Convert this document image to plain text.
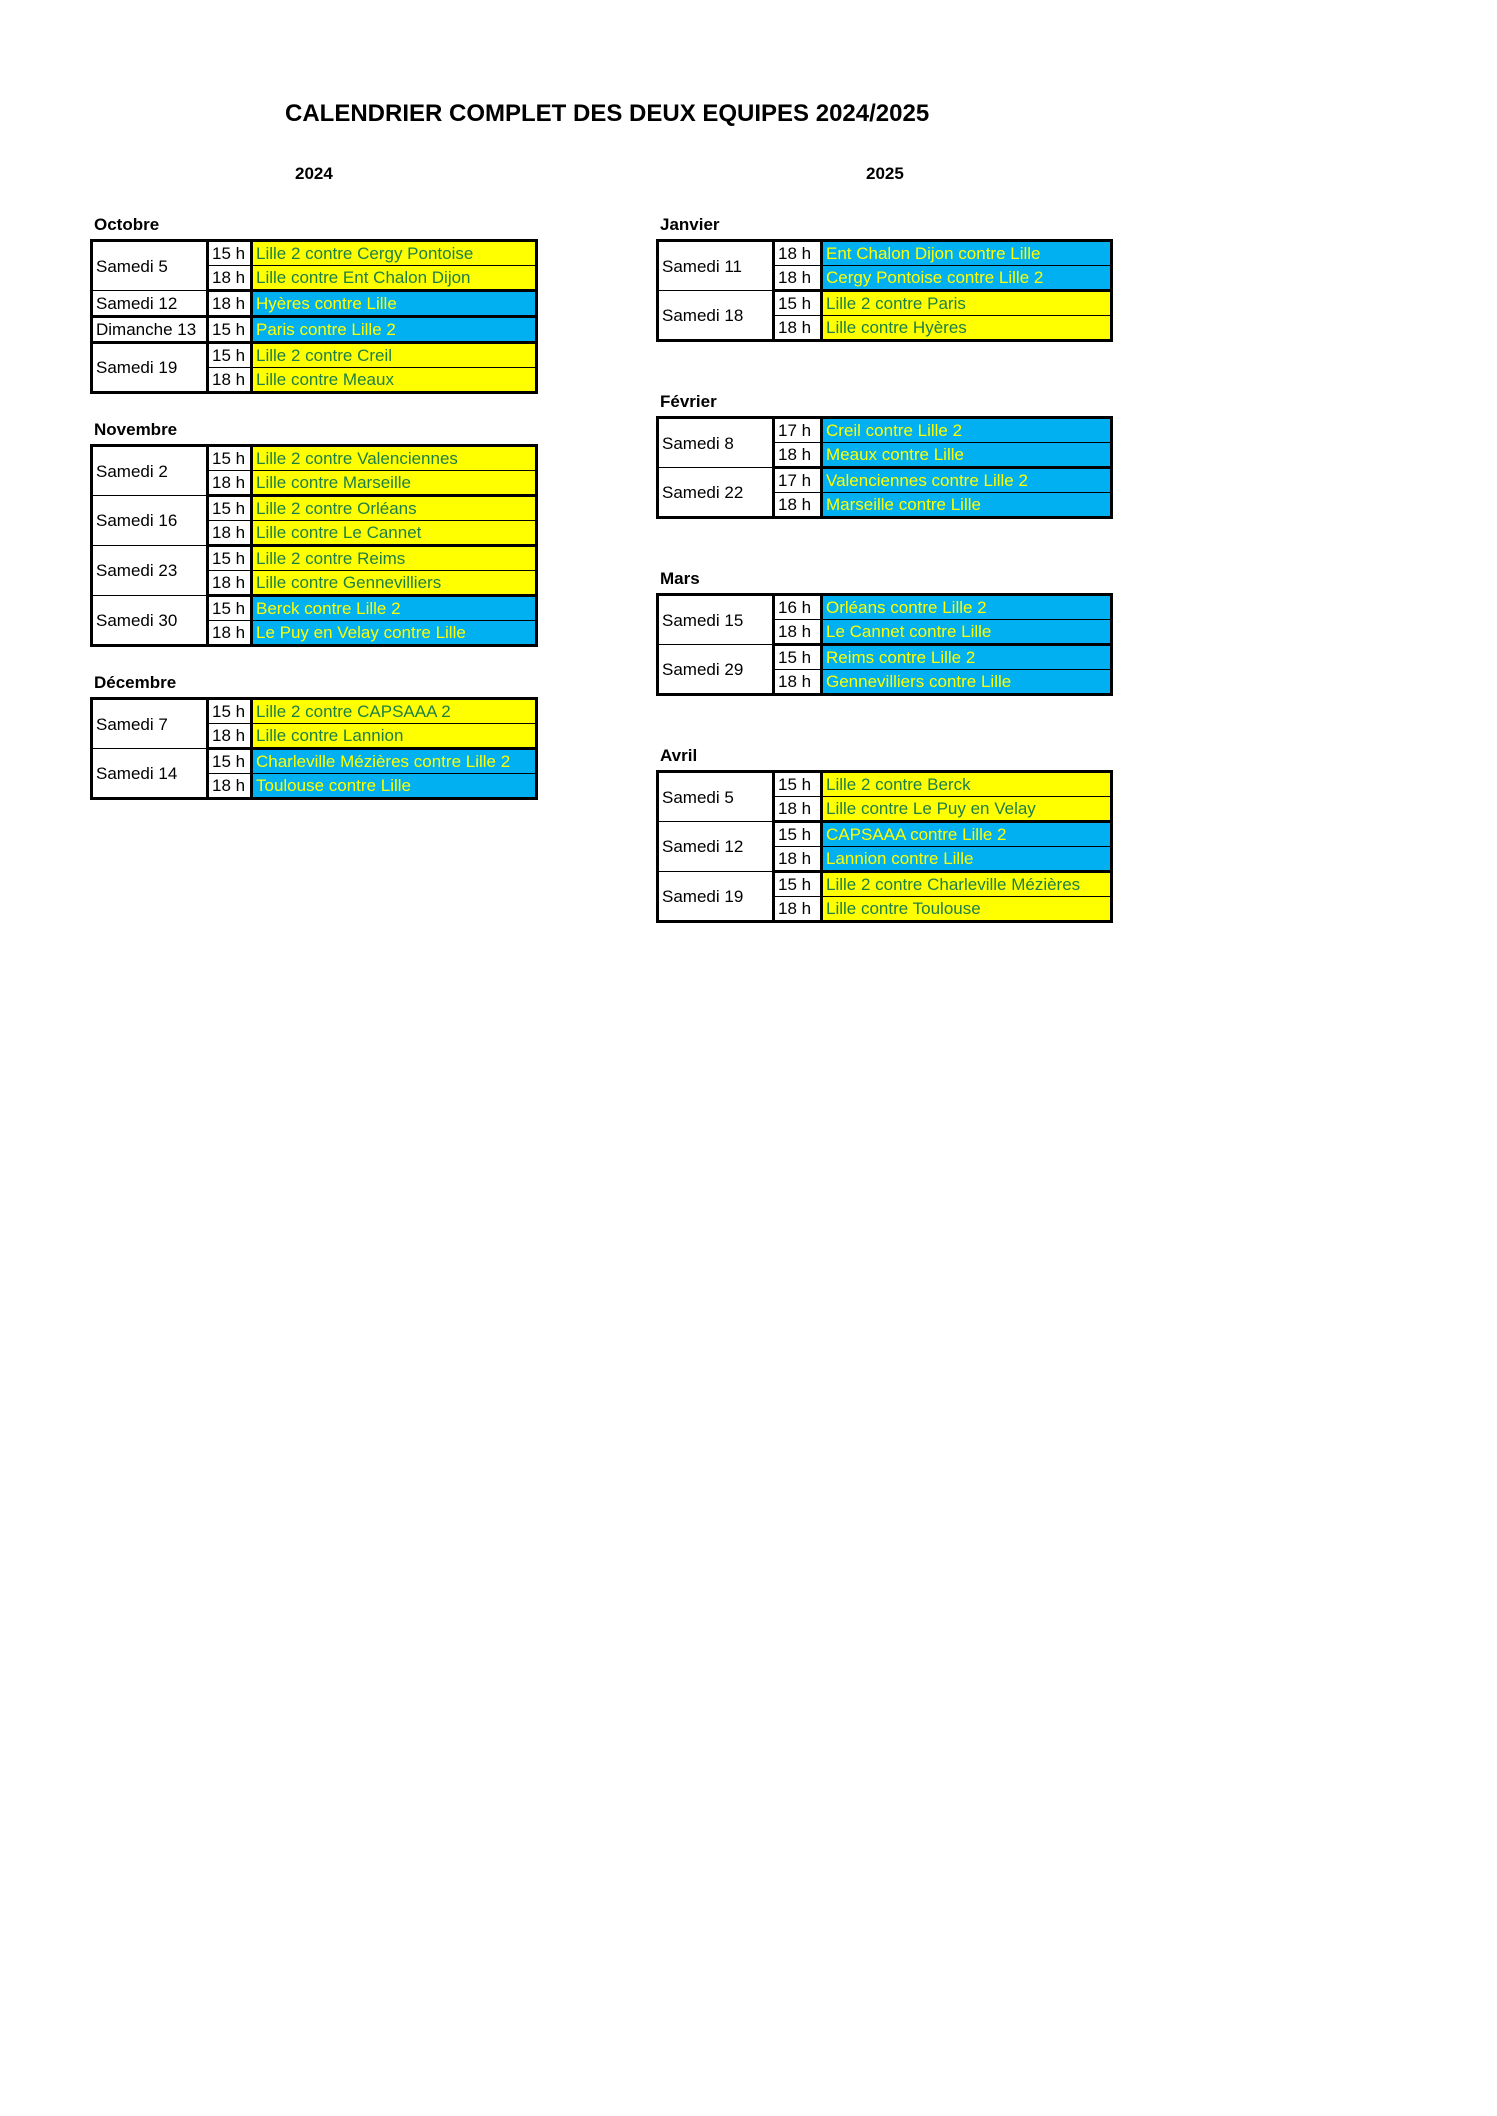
CALENDRIER COMPLET DES DEUX EQUIPES 2024/2025
2024	2025
Octobre
Samedi 5	15 h	Lille 2 contre Cergy Pontoise
	18 h	Lille contre Ent Chalon Dijon
Samedi 12	18 h	Hyères contre Lille
Dimanche 13	15 h	Paris contre Lille 2
Samedi 19	15 h	Lille 2 contre Creil
	18 h	Lille contre Meaux
Novembre
Samedi 2	15 h	Lille 2 contre Valenciennes
	18 h	Lille contre Marseille
Samedi 16	15 h	Lille 2 contre Orléans
	18 h	Lille contre Le Cannet
Samedi 23	15 h	Lille 2 contre Reims
	18 h	Lille contre Gennevilliers
Samedi 30	15 h	Berck contre Lille 2
	18 h	Le Puy en Velay contre Lille
Décembre
Samedi 7	15 h	Lille 2 contre CAPSAAA 2
	18 h	Lille contre Lannion
Samedi 14	15 h	Charleville Mézières contre Lille 2
	18 h	Toulouse contre Lille
Janvier
Samedi 11	18 h	Ent Chalon Dijon contre Lille
	18 h	Cergy Pontoise contre Lille 2
Samedi 18	15 h	Lille 2 contre Paris
	18 h	Lille contre Hyères
Février
Samedi 8	17 h	Creil contre Lille 2
	18 h	Meaux contre Lille
Samedi 22	17 h	Valenciennes contre Lille 2
	18 h	Marseille contre Lille
Mars
Samedi 15	16 h	Orléans contre Lille 2
	18 h	Le Cannet contre Lille
Samedi 29	15 h	Reims contre Lille 2
	18 h	Gennevilliers contre Lille
Avril
Samedi 5	15 h	Lille 2 contre Berck
	18 h	Lille contre Le Puy en Velay
Samedi 12	15 h	CAPSAAA contre Lille 2
	18 h	Lannion contre Lille
Samedi 19	15 h	Lille 2 contre Charleville Mézières
	18 h	Lille contre Toulouse
